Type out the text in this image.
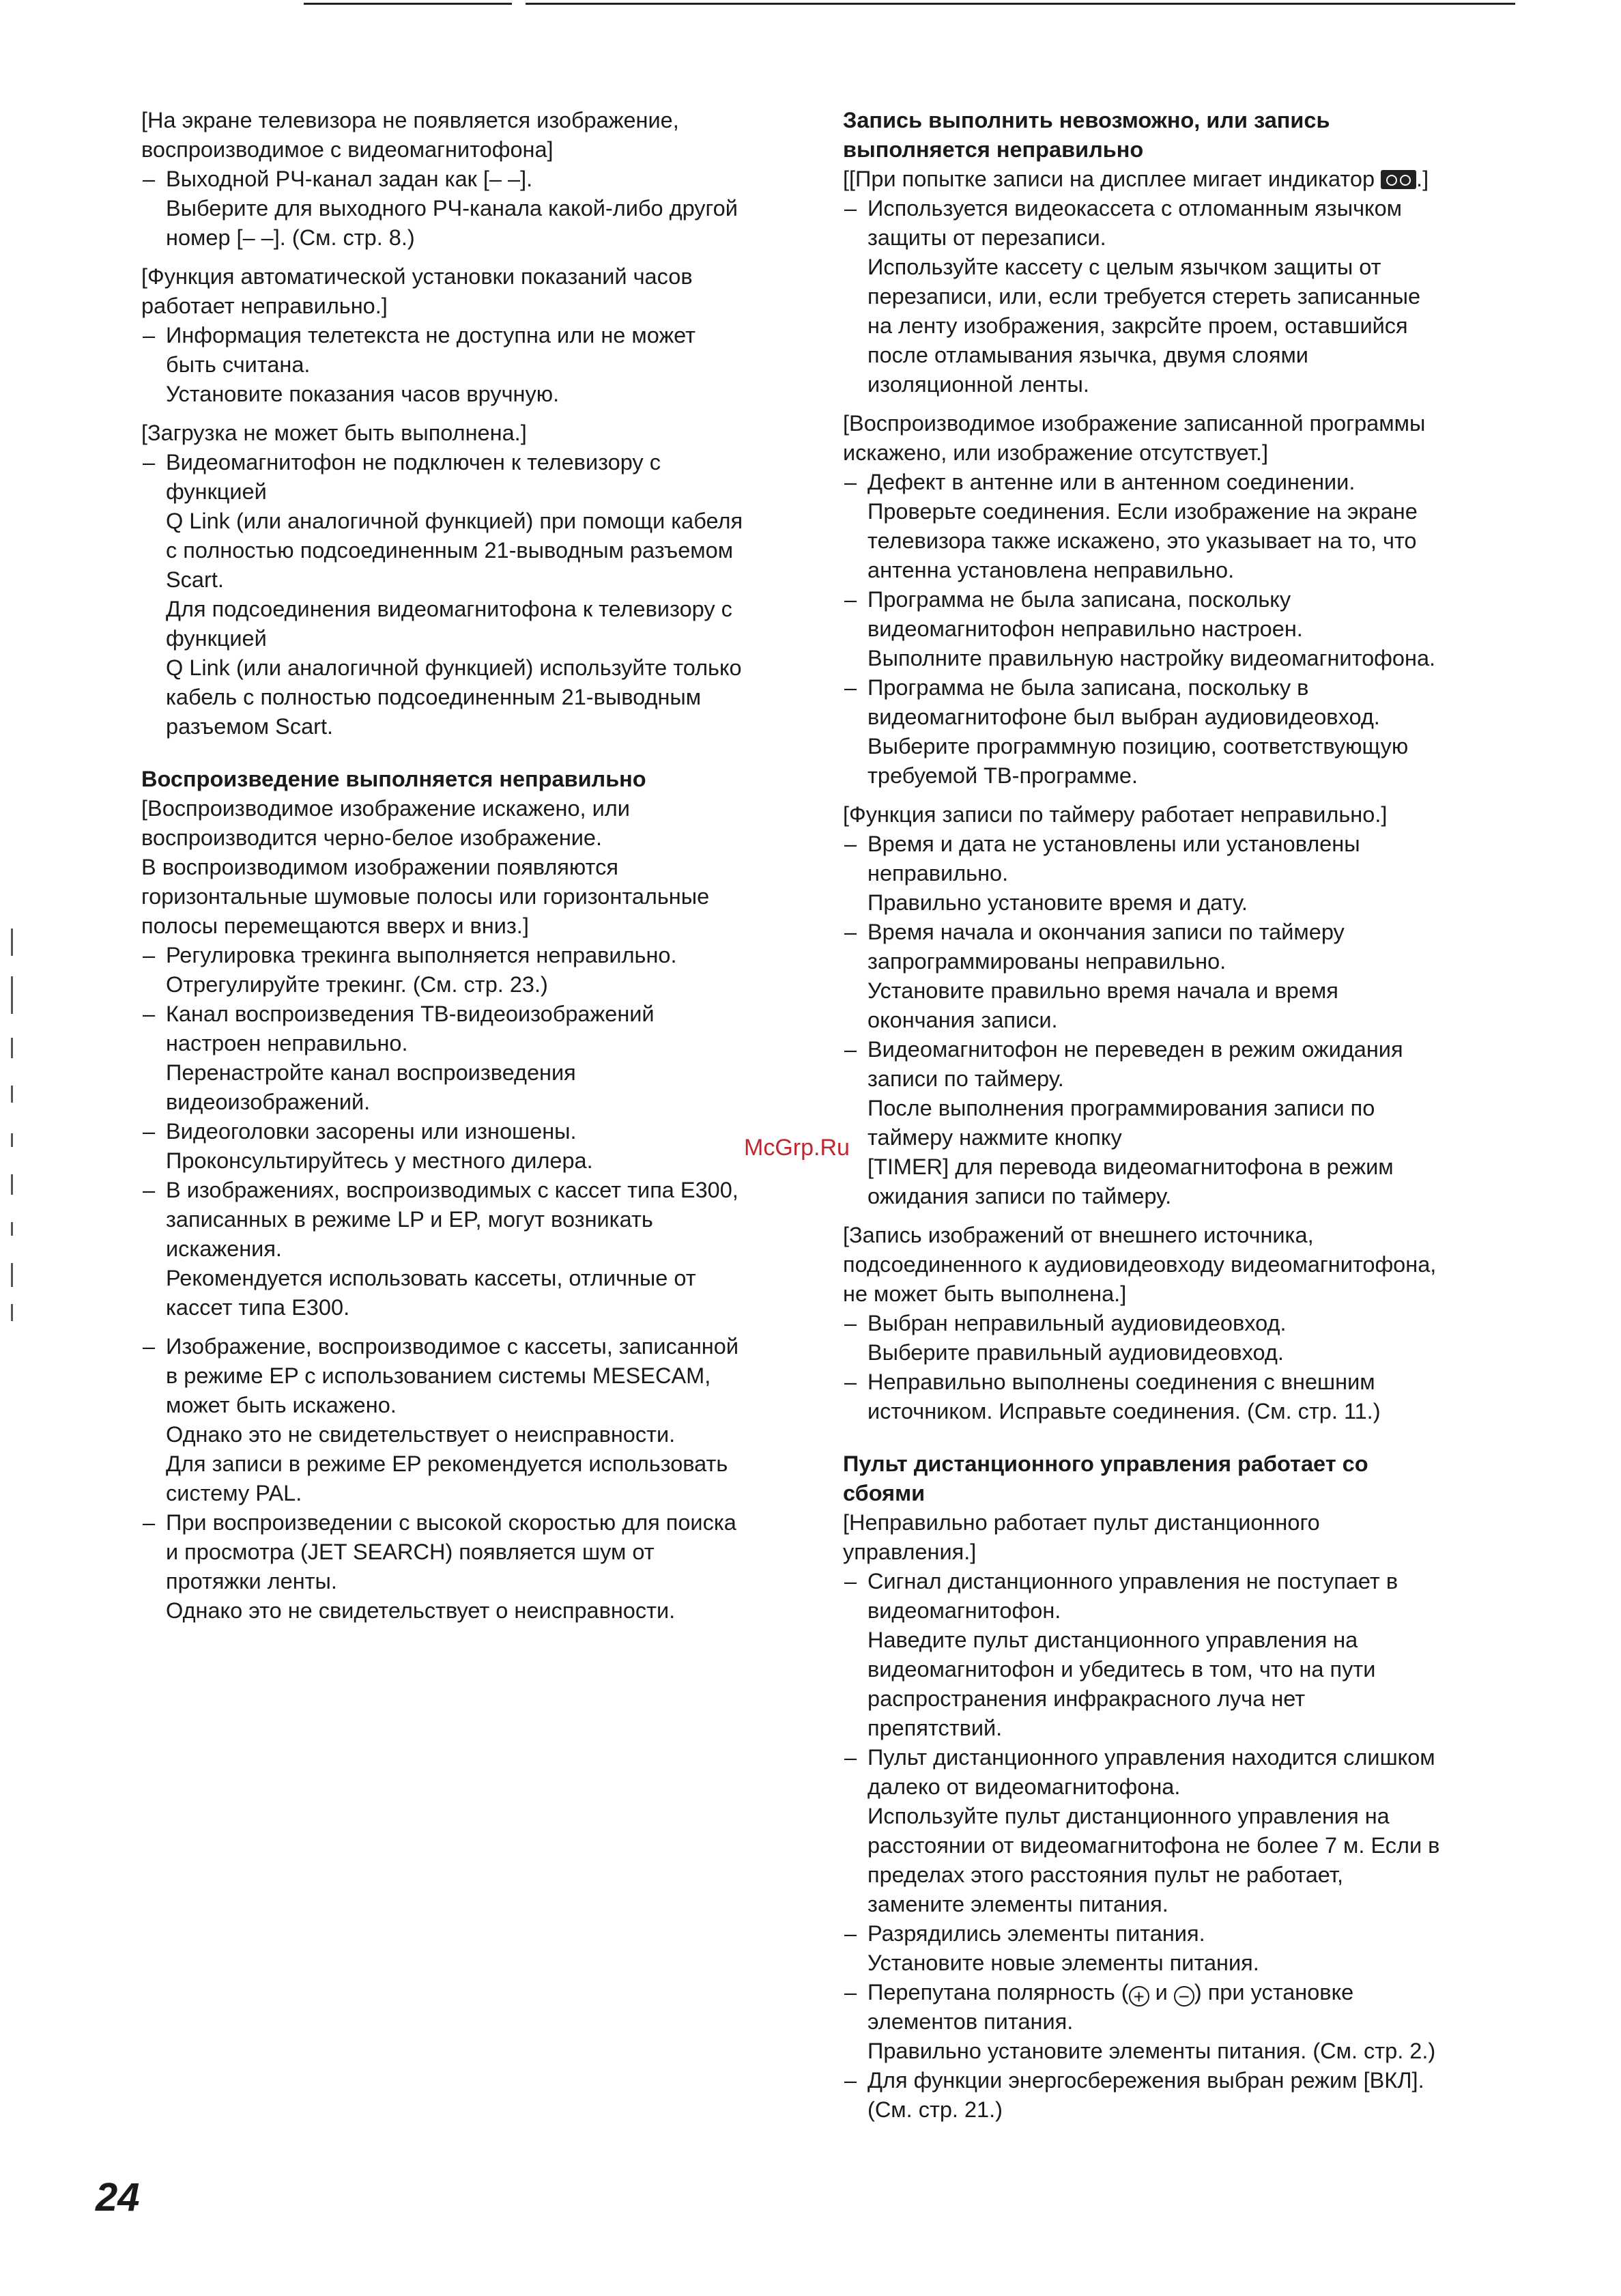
[На экране телевизора не появляется изображение,
воспроизводимое с видеомагнитофона]
– Выходной РЧ-канал задан как [– –].
Выберите для выходного РЧ-канала какой-либо другой
номер [– –]. (См. стр. 8.)
[Функция автоматической установки показаний часов
работает неправильно.]
– Информация телетекста не доступна или не может
быть считана.
Установите показания часов вручную.
[Загрузка не может быть выполнена.]
– Видеомагнитофон не подключен к телевизору с
функцией
Q Link (или аналогичной функцией) при помощи кабеля
с полностью подсоединенным 21-выводным разъемом
Scart.
Для подсоединения видеомагнитофона к телевизору с
функцией
Q Link (или аналогичной функцией) используйте только
кабель с полностью подсоединенным 21-выводным
разъемом Scart.
Воспроизведение выполняется неправильно
[Воспроизводимое изображение искажено, или
воспроизводится черно-белое изображение.
В воспроизводимом изображении появляются
горизонтальные шумовые полосы или горизонтальные
полосы перемещаются вверх и вниз.]
– Регулировка трекинга выполняется неправильно.
Отрегулируйте трекинг. (См. стр. 23.)
– Канал воспроизведения ТВ-видеоизображений
настроен неправильно.
Перенастройте канал воспроизведения
видеоизображений.
– Видеоголовки засорены или изношены.
Проконсультируйтесь у местного дилера.
– В изображениях, воспроизводимых с кассет типа Е300,
записанных в режиме LP и EP, могут возникать
искажения.
Рекомендуется использовать кассеты, отличные от
кассет типа Е300.
– Изображение, воспроизводимое с кассеты, записанной
в режиме EP с использованием системы MESECAM,
может быть искажено.
Однако это не свидетельствует о неисправности.
Для записи в режиме EP рекомендуется использовать
систему PAL.
– При воспроизведении с высокой скоростью для поиска
и просмотра (JET SEARCH) появляется шум от
протяжки ленты.
Однако это не свидетельствует о неисправности.
Запись выполнить невозможно, или запись
выполняется неправильно
[[При попытке записи на дисплее мигает индикатор .]
– Используется видеокассета с отломанным язычком
защиты от перезаписи.
Используйте кассету с целым язычком защиты от
перезаписи, или, если требуется стереть записанные
на ленту изображения, закрсйте проем, оставшийся
после отламывания язычка, двумя слоями
изоляционной ленты.
[Воспроизводимое изображение записанной программы
искажено, или изображение отсутствует.]
– Дефект в антенне или в антенном соединении.
Проверьте соединения. Если изображение на экране
телевизора также искажено, это указывает на то, что
антенна установлена неправильно.
– Программа не была записана, поскольку
видеомагнитофон неправильно настроен.
Выполните правильную настройку видеомагнитофона.
– Программа не была записана, поскольку в
видеомагнитофоне был выбран аудиовидеовход.
Выберите программную позицию, соответствующую
требуемой ТВ-программе.
[Функция записи по таймеру работает неправильно.]
– Время и дата не установлены или установлены
неправильно.
Правильно установите время и дату.
– Время начала и окончания записи по таймеру
запрограммированы неправильно.
Установите правильно время начала и время
окончания записи.
– Видеомагнитофон не переведен в режим ожидания
записи по таймеру.
После выполнения программирования записи по
таймеру нажмите кнопку
[TIMER] для перевода видеомагнитофона в режим
ожидания записи по таймеру.
[Запись изображений от внешнего источника,
подсоединенного к аудиовидеовходу видеомагнитофона,
не может быть выполнена.]
– Выбран неправильный аудиовидеовход.
Выберите правильный аудиовидеовход.
– Неправильно выполнены соединения с внешним
источником. Исправьте соединения. (См. стр. 11.)
Пульт дистанционного управления работает со
сбоями
[Неправильно работает пульт дистанционного
управления.]
– Сигнал дистанционного управления не поступает в
видеомагнитофон.
Наведите пульт дистанционного управления на
видеомагнитофон и убедитесь в том, что на пути
распространения инфракрасного луча нет
препятствий.
– Пульт дистанционного управления находится слишком
далеко от видеомагнитофона.
Используйте пульт дистанционного управления на
расстоянии от видеомагнитофона не более 7 м. Если в
пределах этого расстояния пульт не работает,
замените элементы питания.
– Разрядились элементы питания.
Установите новые элементы питания.
– Перепутана полярность ( + и − ) при установке
элементов питания.
Правильно установите элементы питания. (См. стр. 2.)
– Для функции энергосбережения выбран режим [ВКЛ].
(См. стр. 21.)
McGrp.Ru
24
